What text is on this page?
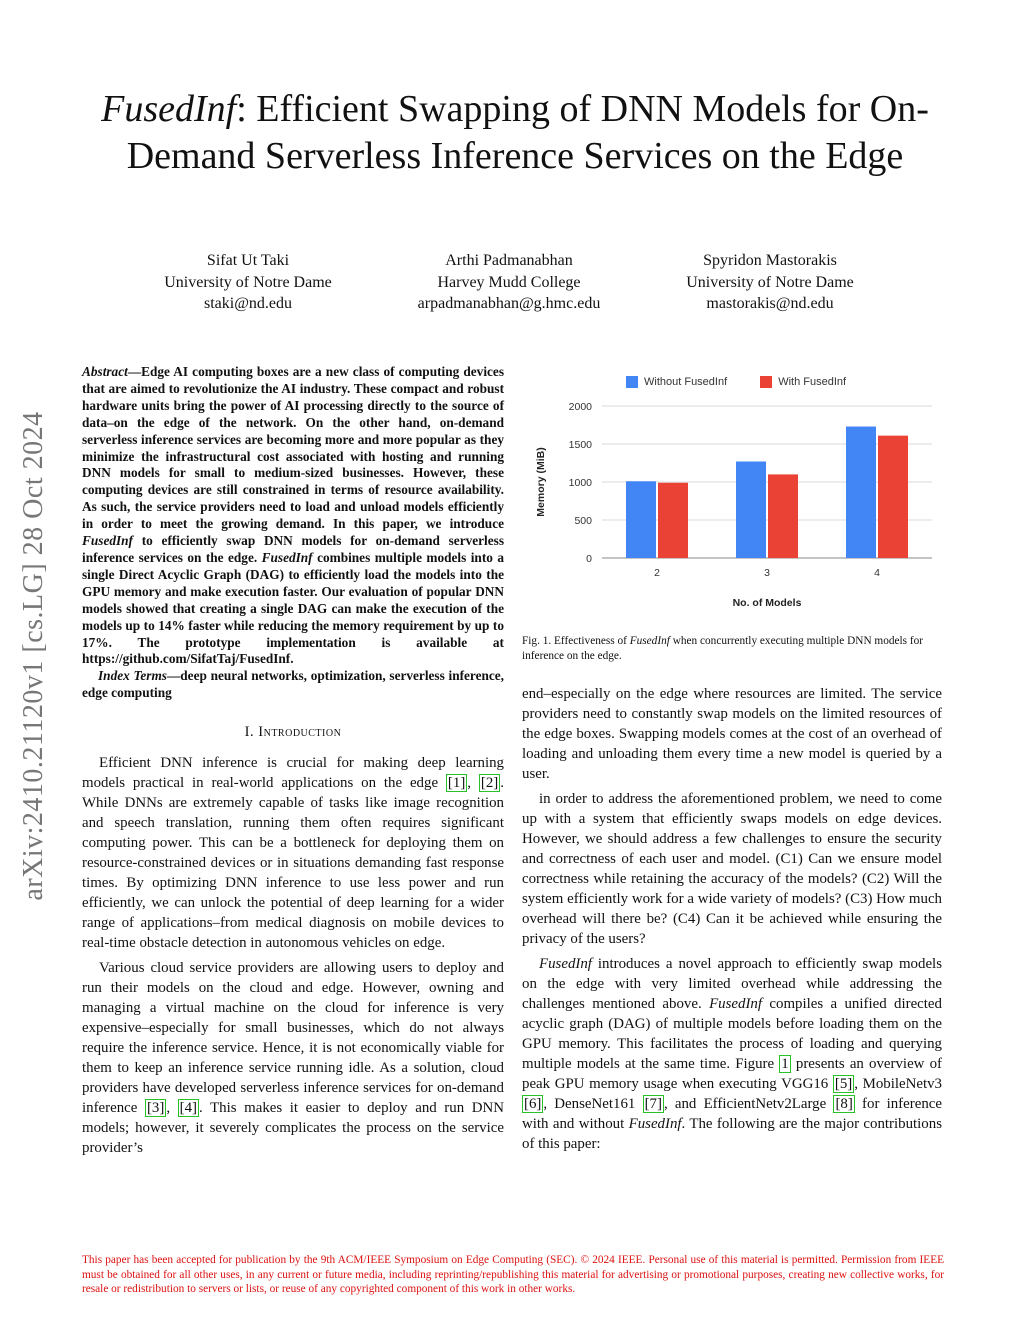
arXiv:2410.21120v1 [cs.LG] 28 Oct 2024
FusedInf: Efficient Swapping of DNN Models for On-Demand Serverless Inference Services on the Edge
Sifat Ut Taki
University of Notre Dame
staki@nd.edu
Arthi Padmanabhan
Harvey Mudd College
arpadmanabhan@g.hmc.edu
Spyridon Mastorakis
University of Notre Dame
mastorakis@nd.edu

Abstract—Edge AI computing boxes are a new class of computing devices that are aimed to revolutionize the AI industry. These compact and robust hardware units bring the power of AI processing directly to the source of data–on the edge of the network. On the other hand, on-demand serverless inference services are becoming more and more popular as they minimize the infrastructural cost associated with hosting and running DNN models for small to medium-sized businesses. However, these computing devices are still constrained in terms of resource availability. As such, the service providers need to load and unload models efficiently in order to meet the growing demand. In this paper, we introduce FusedInf to efficiently swap DNN models for on-demand serverless inference services on the edge. FusedInf combines multiple models into a single Direct Acyclic Graph (DAG) to efficiently load the models into the GPU memory and make execution faster. Our evaluation of popular DNN models showed that creating a single DAG can make the execution of the models up to 14% faster while reducing the memory requirement by up to 17%. The prototype implementation is available at https://github.com/SifatTaj/FusedInf.

Index Terms—deep neural networks, optimization, serverless inference, edge computing

I. Introduction

Efficient DNN inference is crucial for making deep learning models practical in real-world applications on the edge [1] , [2] . While DNNs are extremely capable of tasks like image recognition and speech translation, running them often requires significant computing power. This can be a bottleneck for deploying them on resource-constrained devices or in situations demanding fast response times. By optimizing DNN inference to use less power and run efficiently, we can unlock the potential of deep learning for a wider range of applications–from medical diagnosis on mobile devices to real-time obstacle detection in autonomous vehicles on edge.

Various cloud service providers are allowing users to deploy and run their models on the cloud and edge. However, owning and managing a virtual machine on the cloud for inference is very expensive–especially for small businesses, which do not always require the inference service. Hence, it is not economically viable for them to keep an inference service running idle. As a solution, cloud providers have developed serverless inference services for on-demand inference [3] , [4] . This makes it easier to deploy and run DNN models; however, it severely complicates the process on the service provider’s

Without FusedInf
	With FusedInf
0
500
1000
1500
2000
2	3	4
No. of Models
Memory (MiB)

Fig. 1. Effectiveness of FusedInf when concurrently executing multiple DNN models for inference on the edge.

end–especially on the edge where resources are limited. The service providers need to constantly swap models on the limited resources of the edge boxes. Swapping models comes at the cost of an overhead of loading and unloading them every time a new model is queried by a user.

in order to address the aforementioned problem, we need to come up with a system that efficiently swaps models on edge devices. However, we should address a few challenges to ensure the security and correctness of each user and model. (C1) Can we ensure model correctness while retaining the accuracy of the models? (C2) Will the system efficiently work for a wide variety of models? (C3) How much overhead will there be? (C4) Can it be achieved while ensuring the privacy of the users?

FusedInf introduces a novel approach to efficiently swap models on the edge with very limited overhead while addressing the challenges mentioned above. FusedInf compiles a unified directed acyclic graph (DAG) of multiple models before loading them on the GPU memory. This facilitates the process of loading and querying multiple models at the same time. Figure 1 presents an overview of peak GPU memory usage when executing VGG16 [5] , MobileNetv3 [6] , DenseNet161 [7] , and EfficientNetv2Large [8] for inference with and without FusedInf. The following are the major contributions of this paper:

This paper has been accepted for publication by the 9th ACM/IEEE Symposium on Edge Computing (SEC). © 2024 IEEE. Personal use of this material is permitted. Permission from IEEE must be obtained for all other uses, in any current or future media, including reprinting/republishing this material for advertising or promotional purposes, creating new collective works, for resale or redistribution to servers or lists, or reuse of any copyrighted component of this work in other works.
